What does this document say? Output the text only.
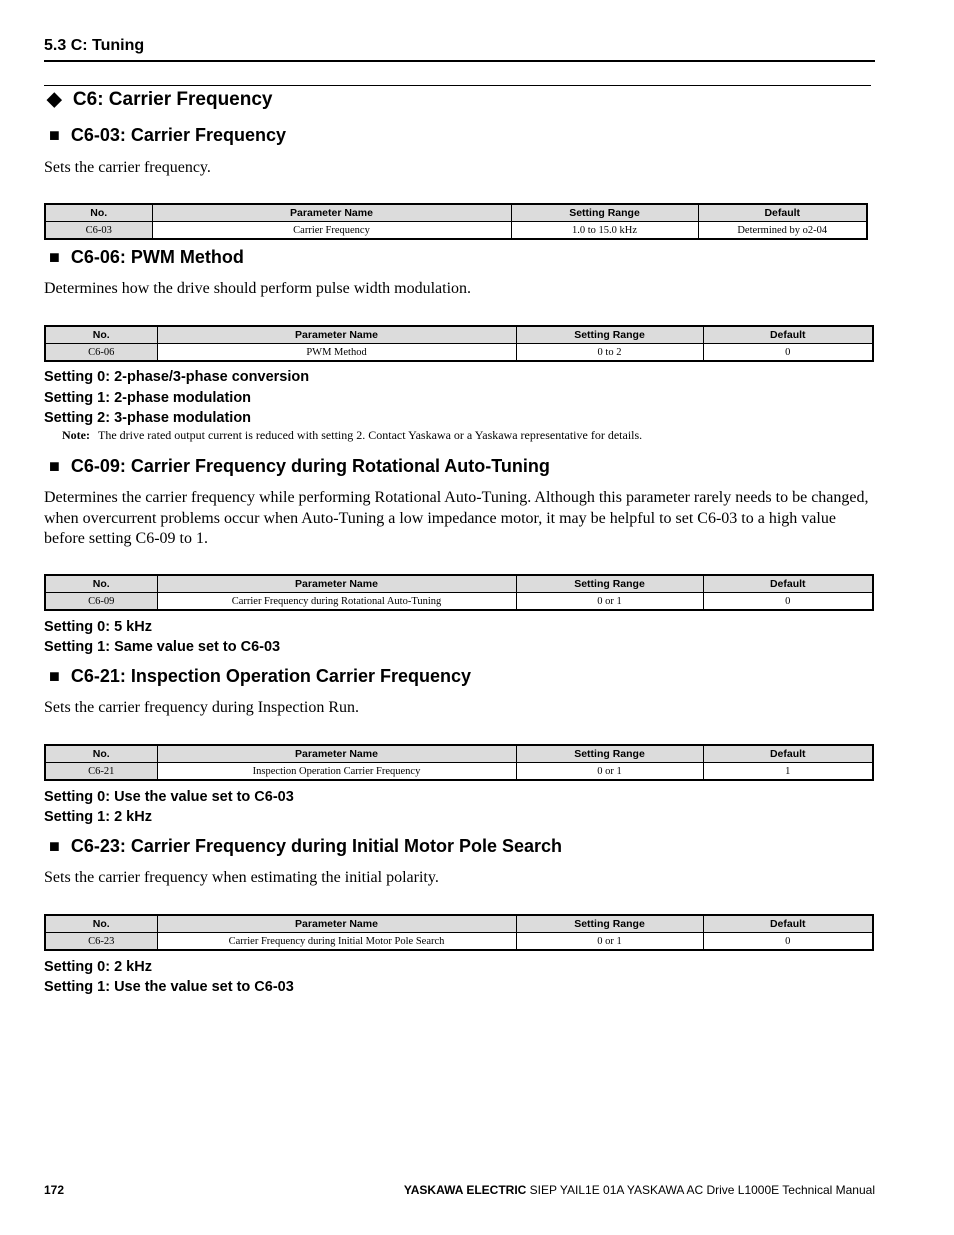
5.3 C: Tuning
◆ C6: Carrier Frequency
■ C6-03: Carrier Frequency
Sets the carrier frequency.
No.	Parameter Name	Setting Range	Default
C6-03	Carrier Frequency	1.0 to 15.0 kHz	Determined by o2-04
■ C6-06: PWM Method
Determines how the drive should perform pulse width modulation.
No.	Parameter Name	Setting Range	Default
C6-06	PWM Method	0 to 2	0
Setting 0: 2-phase/3-phase conversion
Setting 1: 2-phase modulation
Setting 2: 3-phase modulation
Note: The drive rated output current is reduced with setting 2. Contact Yaskawa or a Yaskawa representative for details.
■ C6-09: Carrier Frequency during Rotational Auto-Tuning
Determines the carrier frequency while performing Rotational Auto-Tuning. Although this parameter rarely needs to be changed, when overcurrent problems occur when Auto-Tuning a low impedance motor, it may be helpful to set C6-03 to a high value before setting C6-09 to 1.
No.	Parameter Name	Setting Range	Default
C6-09	Carrier Frequency during Rotational Auto-Tuning	0 or 1	0
Setting 0: 5 kHz
Setting 1: Same value set to C6-03
■ C6-21: Inspection Operation Carrier Frequency
Sets the carrier frequency during Inspection Run.
No.	Parameter Name	Setting Range	Default
C6-21	Inspection Operation Carrier Frequency	0 or 1	1
Setting 0: Use the value set to C6-03
Setting 1: 2 kHz
■ C6-23: Carrier Frequency during Initial Motor Pole Search
Sets the carrier frequency when estimating the initial polarity.
No.	Parameter Name	Setting Range	Default
C6-23	Carrier Frequency during Initial Motor Pole Search	0 or 1	0
Setting 0: 2 kHz
Setting 1: Use the value set to C6-03
172	YASKAWA ELECTRIC SIEP YAIL1E 01A YASKAWA AC Drive L1000E Technical Manual
